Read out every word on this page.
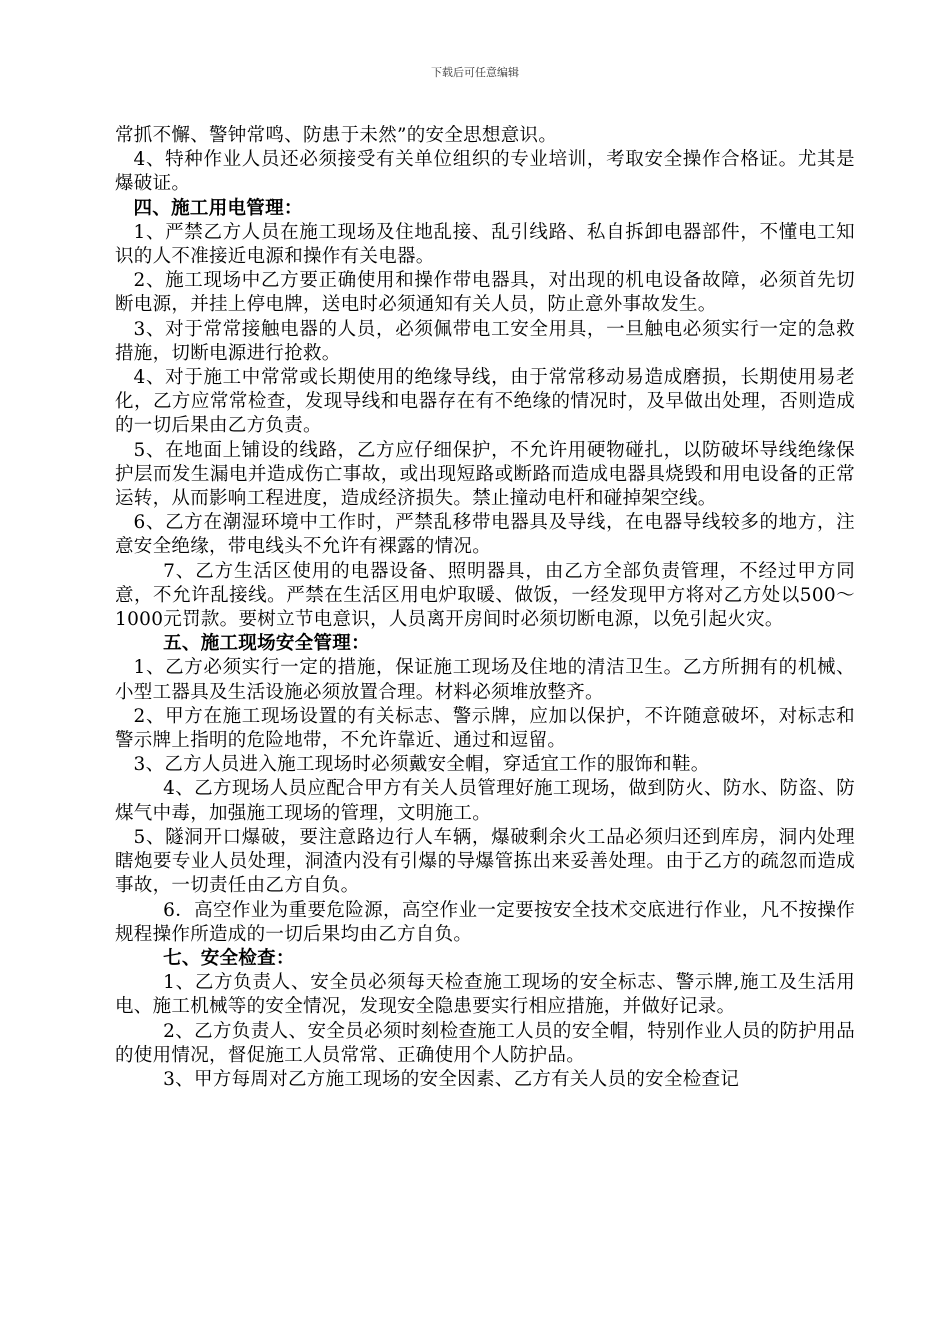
下载后可任意编辑

常抓不懈、警钟常鸣、防患于未然”的安全思想意识。

4、特种作业人员还必须接受有关单位组织的专业培训，考取安全操作合格证。尤其是爆破证。

四、施工用电管理：

1、严禁乙方人员在施工现场及住地乱接、乱引线路、私自拆卸电器部件，不懂电工知识的人不准接近电源和操作有关电器。

2、施工现场中乙方要正确使用和操作带电器具，对出现的机电设备故障，必须首先切断电源，并挂上停电牌，送电时必须通知有关人员，防止意外事故发生。

3、对于常常接触电器的人员，必须佩带电工安全用具，一旦触电必须实行一定的急救措施，切断电源进行抢救。

4、对于施工中常常或长期使用的绝缘导线，由于常常移动易造成磨损，长期使用易老化，乙方应常常检查，发现导线和电器存在有不绝缘的情况时，及早做出处理，否则造成的一切后果由乙方负责。

5、在地面上铺设的线路，乙方应仔细保护，不允许用硬物碰扎，以防破坏导线绝缘保护层而发生漏电并造成伤亡事故，或出现短路或断路而造成电器具烧毁和用电设备的正常运转，从而影响工程进度，造成经济损失。禁止撞动电杆和碰掉架空线。

6、乙方在潮湿环境中工作时，严禁乱移带电器具及导线，在电器导线较多的地方，注意安全绝缘，带电线头不允许有裸露的情况。

7、乙方生活区使用的电器设备、照明器具，由乙方全部负责管理，不经过甲方同意，不允许乱接线。严禁在生活区用电炉取暖、做饭，一经发现甲方将对乙方处以500～1000元罚款。要树立节电意识，人员离开房间时必须切断电源，以免引起火灾。

五、施工现场安全管理：

1、乙方必须实行一定的措施，保证施工现场及住地的清洁卫生。乙方所拥有的机械、小型工器具及生活设施必须放置合理。材料必须堆放整齐。

2、甲方在施工现场设置的有关标志、警示牌，应加以保护，不许随意破坏，对标志和警示牌上指明的危险地带，不允许靠近、通过和逗留。

3、乙方人员进入施工现场时必须戴安全帽，穿适宜工作的服饰和鞋。

4、乙方现场人员应配合甲方有关人员管理好施工现场，做到防火、防水、防盗、防煤气中毒，加强施工现场的管理，文明施工。

5、隧洞开口爆破，要注意路边行人车辆，爆破剩余火工品必须归还到库房，洞内处理瞎炮要专业人员处理，洞渣内没有引爆的导爆管拣出来妥善处理。由于乙方的疏忽而造成事故，一切责任由乙方自负。

6．高空作业为重要危险源，高空作业一定要按安全技术交底进行作业，凡不按操作规程操作所造成的一切后果均由乙方自负。

七、安全检查：

1、乙方负责人、安全员必须每天检查施工现场的安全标志、警示牌,施工及生活用电、施工机械等的安全情况，发现安全隐患要实行相应措施，并做好记录。

2、乙方负责人、安全员必须时刻检查施工人员的安全帽，特别作业人员的防护用品的使用情况，督促施工人员常常、正确使用个人防护品。

3、甲方每周对乙方施工现场的安全因素、乙方有关人员的安全检查记
